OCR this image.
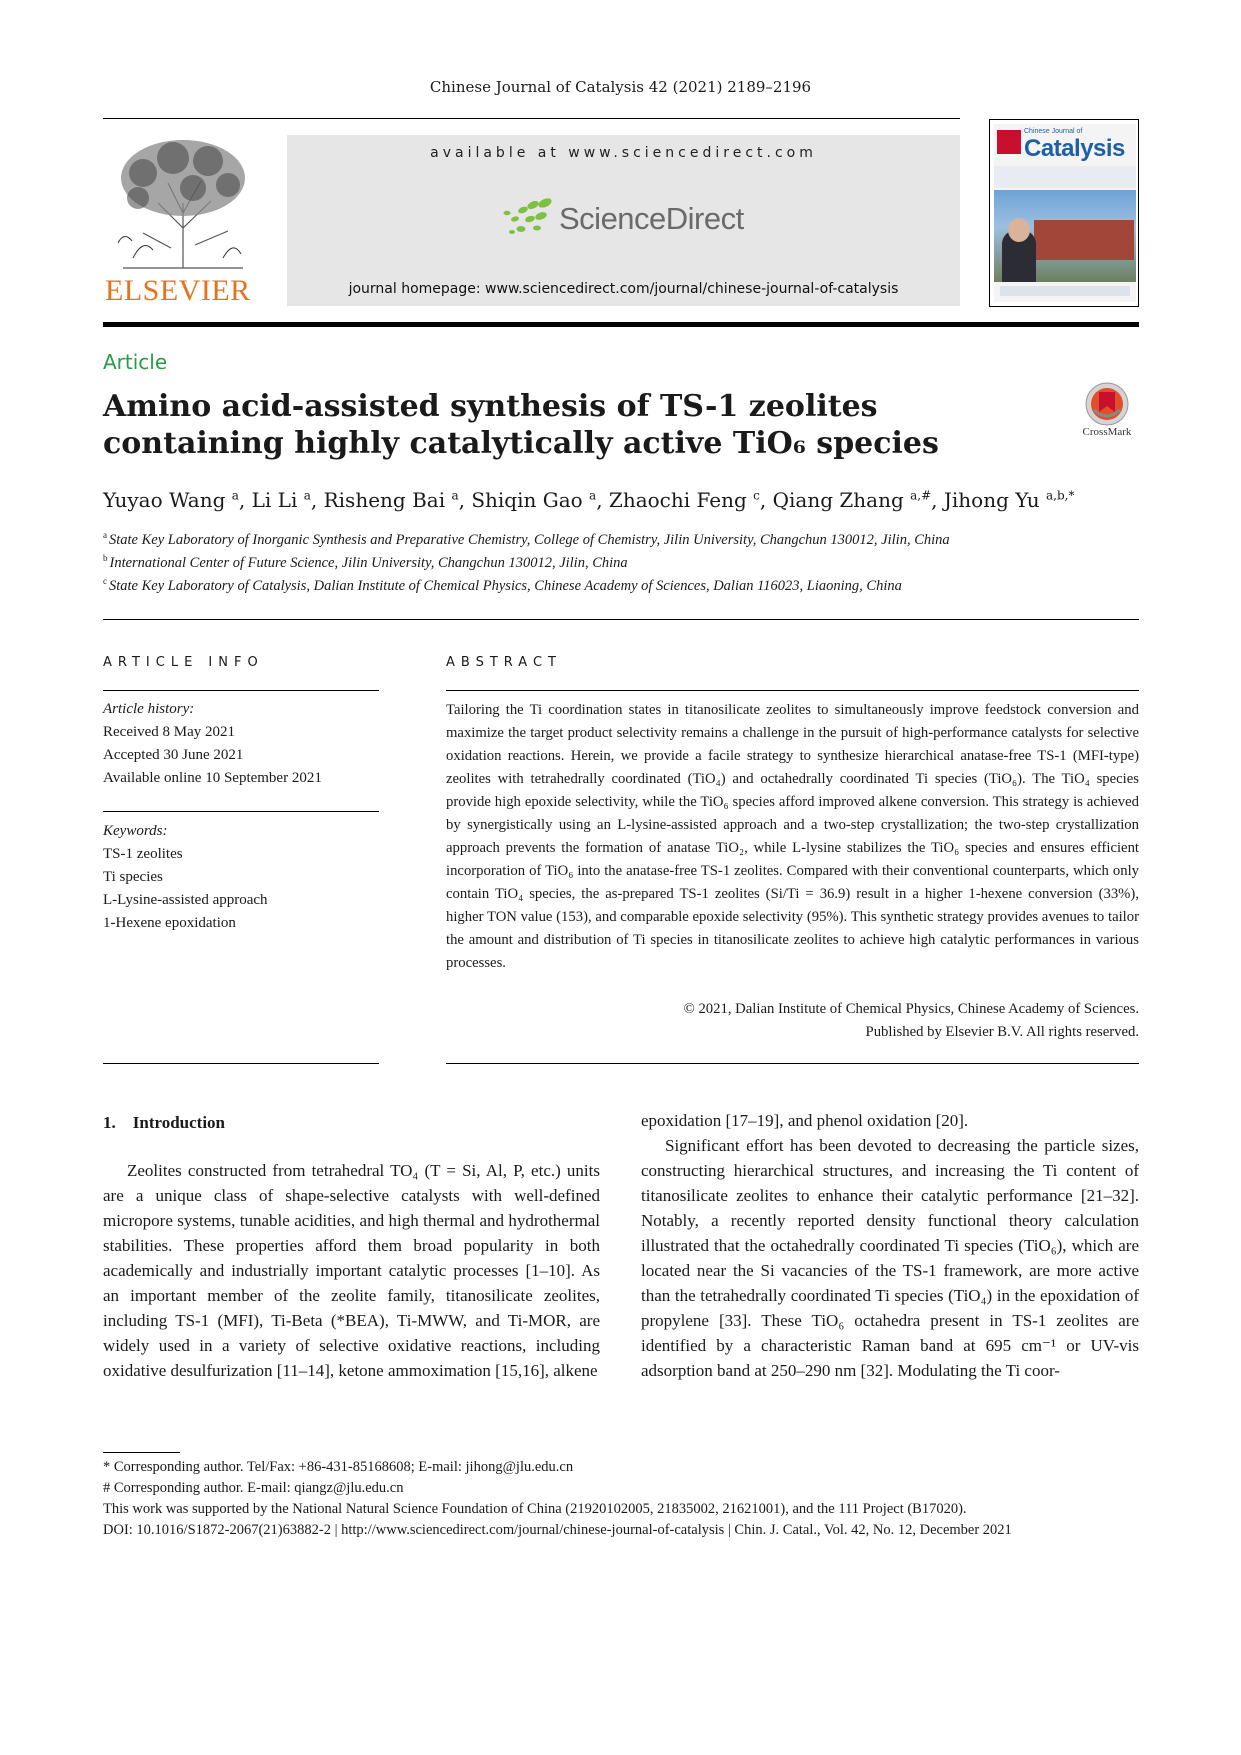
Chinese Journal of Catalysis 42 (2021) 2189–2196
ELSEVIER
available at www.sciencedirect.com
ScienceDirect
journal homepage: www.sciencedirect.com/journal/chinese-journal-of-catalysis
Chinese Journal of
Catalysis
Article
Amino acid-assisted synthesis of TS-1 zeolites containing highly catalytically active TiO₆ species	CrossMark
Yuyao Wang $^a$, Li Li $^a$, Risheng Bai $^a$, Shiqin Gao $^a$, Zhaochi Feng $^c$, Qiang Zhang $^{a,\#}$, Jihong Yu $^{a,b,*}$
$^a$ State Key Laboratory of Inorganic Synthesis and Preparative Chemistry, College of Chemistry, Jilin University, Changchun 130012, Jilin, China
$^b$ International Center of Future Science, Jilin University, Changchun 130012, Jilin, China
$^c$ State Key Laboratory of Catalysis, Dalian Institute of Chemical Physics, Chinese Academy of Sciences, Dalian 116023, Liaoning, China
ARTICLE INFO
Article history:
Received 8 May 2021
Accepted 30 June 2021
Available online 10 September 2021
Keywords:
TS-1 zeolites
Ti species
L-Lysine-assisted approach
1-Hexene epoxidation
ABSTRACT
Tailoring the Ti coordination states in titanosilicate zeolites to simultaneously improve feedstock conversion and maximize the target product selectivity remains a challenge in the pursuit of high-performance catalysts for selective oxidation reactions. Herein, we provide a facile strategy to synthesize hierarchical anatase-free TS-1 (MFI-type) zeolites with tetrahedrally coordinated (TiO₄) and octahedrally coordinated Ti species (TiO₆). The TiO₄ species provide high epoxide selectivity, while the TiO₆ species afford improved alkene conversion. This strategy is achieved by synergistically using an L-lysine-assisted approach and a two-step crystallization; the two-step crystallization approach prevents the formation of anatase TiO₂, while L-lysine stabilizes the TiO₆ species and ensures efficient incorporation of TiO₆ into the anatase-free TS-1 zeolites. Compared with their conventional counterparts, which only contain TiO₄ species, the as-prepared TS-1 zeolites (Si/Ti = 36.9) result in a higher 1-hexene conversion (33%), higher TON value (153), and comparable epoxide selectivity (95%). This synthetic strategy provides avenues to tailor the amount and distribution of Ti species in titanosilicate zeolites to achieve high catalytic performances in various processes.
© 2021, Dalian Institute of Chemical Physics, Chinese Academy of Sciences.
Published by Elsevier B.V. All rights reserved.
1.    Introduction
Zeolites constructed from tetrahedral TO₄ (T = Si, Al, P, etc.) units are a unique class of shape-selective catalysts with well-defined micropore systems, tunable acidities, and high thermal and hydrothermal stabilities. These properties afford them broad popularity in both academically and industrially important catalytic processes [1–10]. As an important member of the zeolite family, titanosilicate zeolites, including TS-1 (MFI), Ti-Beta (*BEA), Ti-MWW, and Ti-MOR, are widely used in a variety of selective oxidative reactions, including oxidative desulfurization [11–14], ketone ammoximation [15,16], alkene
epoxidation [17–19], and phenol oxidation [20].
Significant effort has been devoted to decreasing the particle sizes, constructing hierarchical structures, and increasing the Ti content of titanosilicate zeolites to enhance their catalytic performance [21–32]. Notably, a recently reported density functional theory calculation illustrated that the octahedrally coordinated Ti species (TiO₆), which are located near the Si vacancies of the TS-1 framework, are more active than the tetrahedrally coordinated Ti species (TiO₄) in the epoxidation of propylene [33]. These TiO₆ octahedra present in TS-1 zeolites are identified by a characteristic Raman band at 695 cm⁻¹ or UV-vis adsorption band at 250–290 nm [32]. Modulating the Ti coor-
* Corresponding author. Tel/Fax: +86-431-85168608; E-mail: jihong@jlu.edu.cn
# Corresponding author. E-mail: qiangz@jlu.edu.cn
This work was supported by the National Natural Science Foundation of China (21920102005, 21835002, 21621001), and the 111 Project (B17020).
DOI: 10.1016/S1872-2067(21)63882-2 | http://www.sciencedirect.com/journal/chinese-journal-of-catalysis | Chin. J. Catal., Vol. 42, No. 12, December 2021
